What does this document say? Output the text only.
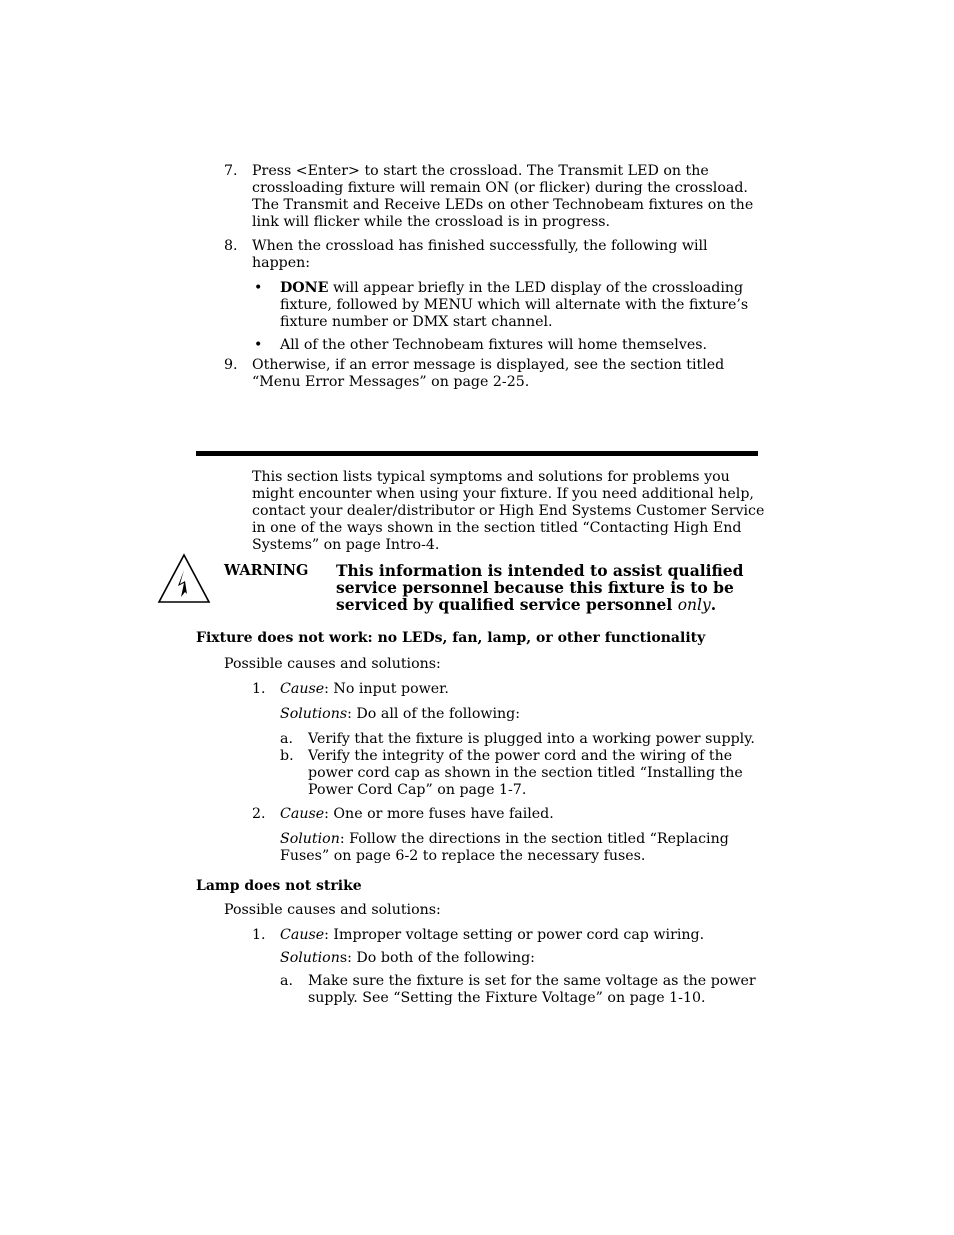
7. Press <Enter> to start the crossload. The Transmit LED on the
crossloading fixture will remain ON (or flicker) during the crossload.
The Transmit and Receive LEDs on other Technobeam fixtures on the
link will flicker while the crossload is in progress.
8. When the crossload has finished successfully, the following will
happen:
• DONE will appear briefly in the LED display of the crossloading
fixture, followed by MENU which will alternate with the fixture’s
fixture number or DMX start channel.
• All of the other Technobeam fixtures will home themselves.
9. Otherwise, if an error message is displayed, see the section titled
“Menu Error Messages” on page 2-25.
This section lists typical symptoms and solutions for problems you
might encounter when using your fixture. If you need additional help,
contact your dealer/distributor or High End Systems Customer Service
in one of the ways shown in the section titled “Contacting High End
Systems” on page Intro-4.
WARNING This information is intended to assist qualified
service personnel because this fixture is to be
serviced by qualified service personnel only.
Fixture does not work: no LEDs, fan, lamp, or other functionality
Possible causes and solutions:
1. Cause: No input power.
Solutions: Do all of the following:
a. Verify that the fixture is plugged into a working power supply.
b. Verify the integrity of the power cord and the wiring of the
power cord cap as shown in the section titled “Installing the
Power Cord Cap” on page 1-7.
2. Cause: One or more fuses have failed.
Solution: Follow the directions in the section titled “Replacing
Fuses” on page 6-2 to replace the necessary fuses.
Lamp does not strike
Possible causes and solutions:
1. Cause: Improper voltage setting or power cord cap wiring.
Solutions: Do both of the following:
a. Make sure the fixture is set for the same voltage as the power
supply. See “Setting the Fixture Voltage” on page 1-10.
